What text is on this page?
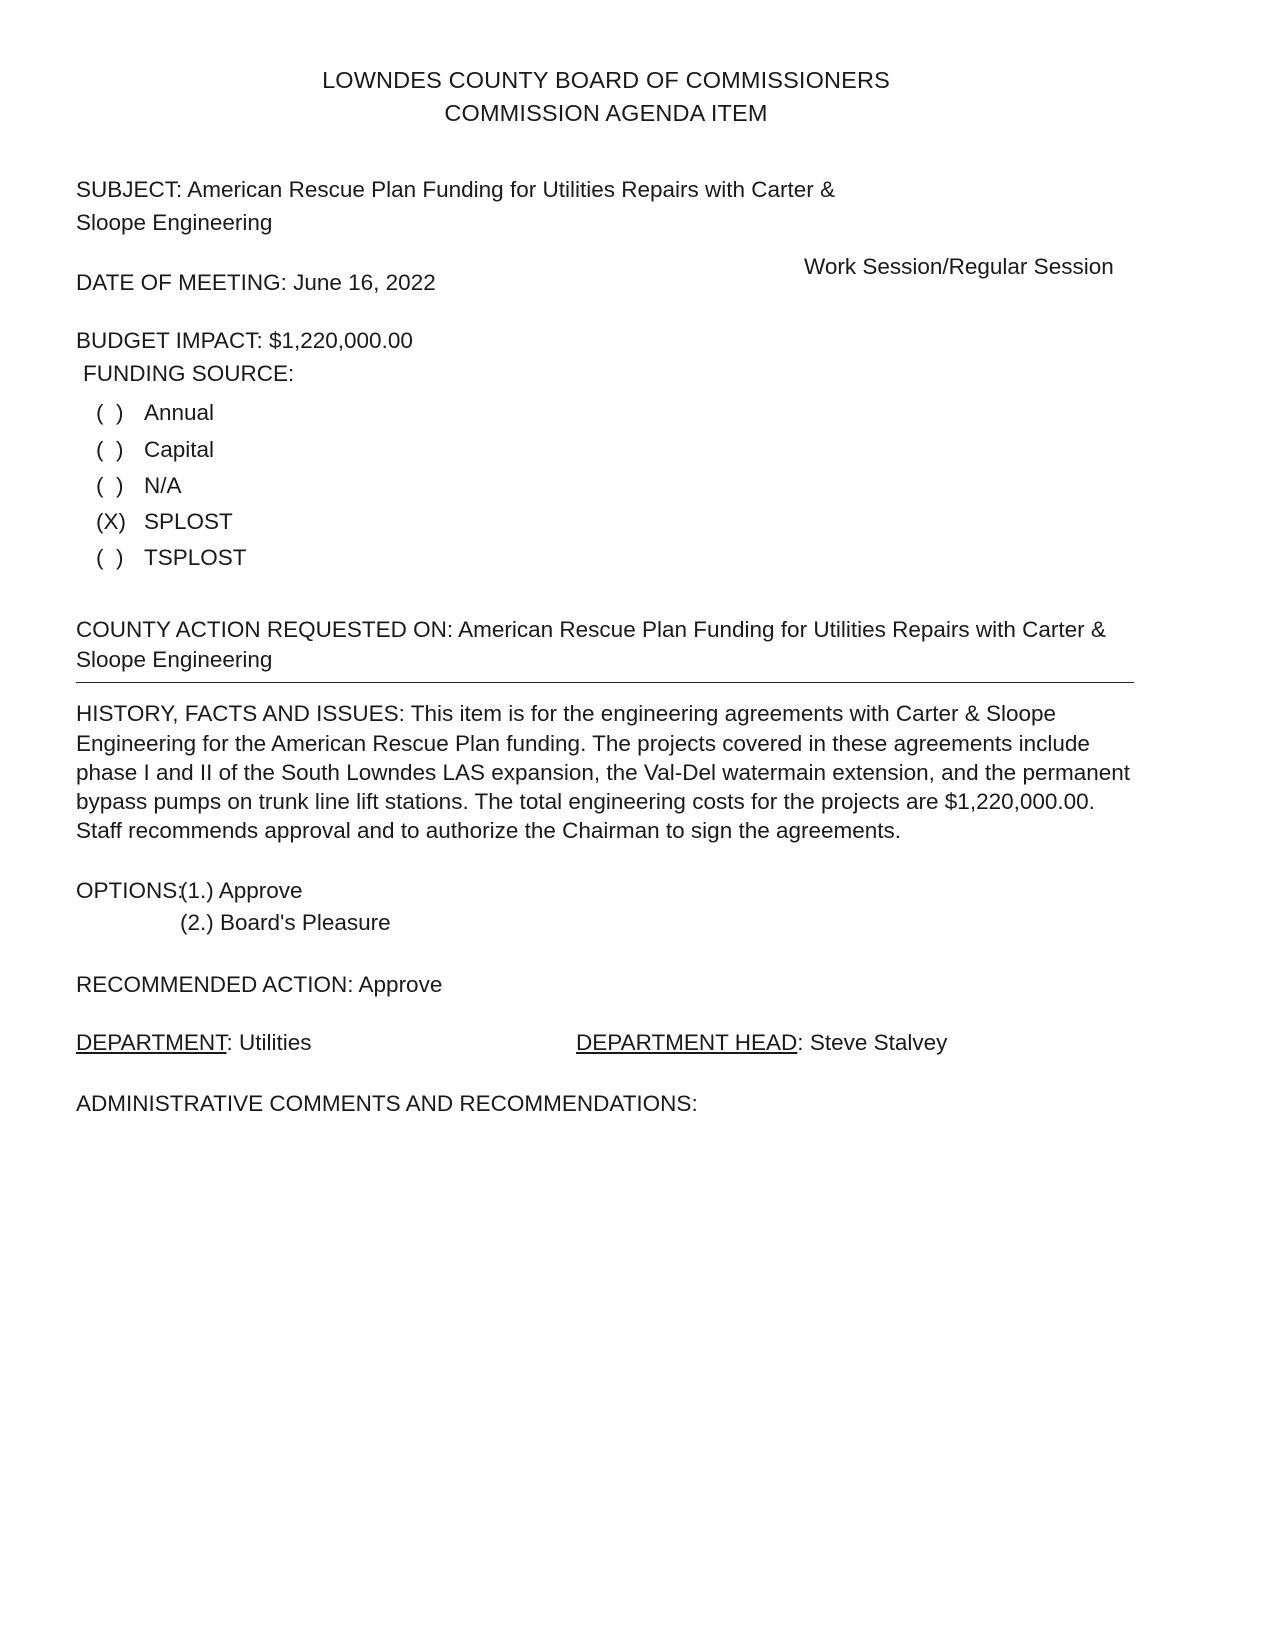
LOWNDES COUNTY BOARD OF COMMISSIONERS
COMMISSION AGENDA ITEM
SUBJECT: American Rescue Plan Funding for Utilities Repairs with Carter &
Sloope Engineering
DATE OF MEETING: June 16, 2022
Work Session/Regular Session
BUDGET IMPACT: $1,220,000.00
FUNDING SOURCE:
(  ) Annual
(  ) Capital
(  ) N/A
(X) SPLOST
(  ) TSPLOST
COUNTY ACTION REQUESTED ON: American Rescue Plan Funding for Utilities Repairs with Carter & Sloope Engineering
HISTORY, FACTS AND ISSUES: This item is for the engineering agreements with Carter & Sloope Engineering for the American Rescue Plan funding. The projects covered in these agreements include phase I and II of the South Lowndes LAS expansion, the Val-Del watermain extension, and the permanent bypass pumps on trunk line lift stations. The total engineering costs for the projects are $1,220,000.00. Staff recommends approval and to authorize the Chairman to sign the agreements.
OPTIONS:
(1.) Approve
(2.) Board's Pleasure
RECOMMENDED ACTION: Approve
DEPARTMENT: Utilities	DEPARTMENT HEAD: Steve Stalvey
ADMINISTRATIVE COMMENTS AND RECOMMENDATIONS:
